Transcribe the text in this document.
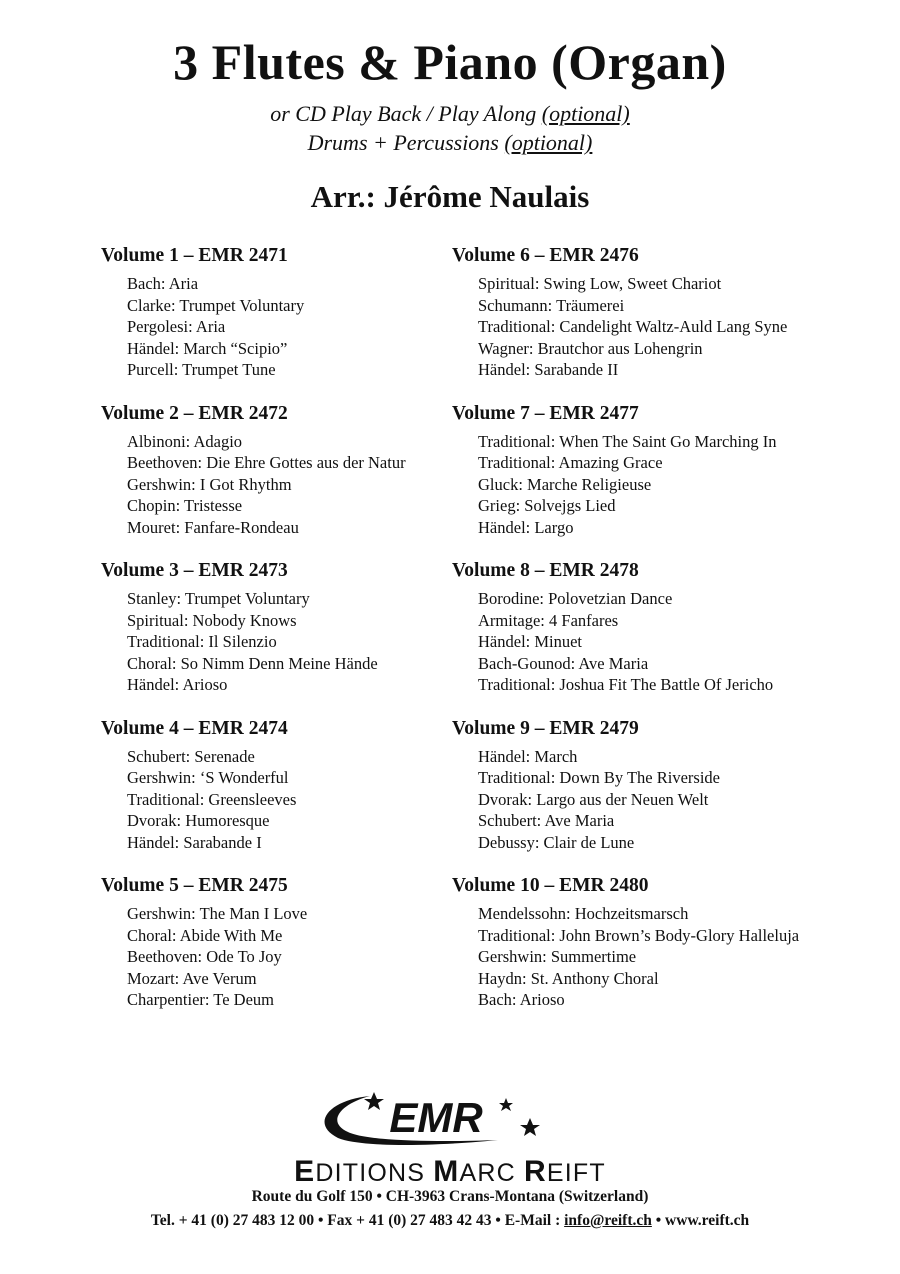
3 Flutes & Piano (Organ)
or CD Play Back / Play Along (optional)
Drums + Percussions (optional)
Arr.: Jérôme Naulais
Volume 1 – EMR 2471
Bach: Aria
Clarke: Trumpet Voluntary
Pergolesi: Aria
Händel: March “Scipio”
Purcell: Trumpet Tune
Volume 2 – EMR 2472
Albinoni: Adagio
Beethoven: Die Ehre Gottes aus der Natur
Gershwin: I Got Rhythm
Chopin: Tristesse
Mouret: Fanfare-Rondeau
Volume 3 – EMR 2473
Stanley: Trumpet Voluntary
Spiritual: Nobody Knows
Traditional: Il Silenzio
Choral: So Nimm Denn Meine Hände
Händel: Arioso
Volume 4 – EMR 2474
Schubert: Serenade
Gershwin: ‘S Wonderful
Traditional: Greensleeves
Dvorak: Humoresque
Händel: Sarabande I
Volume 5 – EMR 2475
Gershwin: The Man I Love
Choral: Abide With Me
Beethoven: Ode To Joy
Mozart: Ave Verum
Charpentier: Te Deum
Volume 6 – EMR 2476
Spiritual: Swing Low, Sweet Chariot
Schumann: Träumerei
Traditional: Candelight Waltz-Auld Lang Syne
Wagner: Brautchor aus Lohengrin
Händel: Sarabande II
Volume 7 – EMR 2477
Traditional: When The Saint Go Marching In
Traditional: Amazing Grace
Gluck: Marche Religieuse
Grieg: Solvejgs Lied
Händel: Largo
Volume 8 – EMR 2478
Borodine: Polovetzian Dance
Armitage: 4 Fanfares
Händel: Minuet
Bach-Gounod: Ave Maria
Traditional: Joshua Fit The Battle Of Jericho
Volume 9 – EMR 2479
Händel: March
Traditional: Down By The Riverside
Dvorak: Largo aus der Neuen Welt
Schubert: Ave Maria
Debussy: Clair de Lune
Volume 10 – EMR 2480
Mendelssohn: Hochzeitsmarsch
Traditional: John Brown’s Body-Glory Halleluja
Gershwin: Summertime
Haydn: St. Anthony Choral
Bach: Arioso
EMR
EDITIONS MARC REIFT
Route du Golf 150 • CH-3963 Crans-Montana (Switzerland)
Tel. + 41 (0) 27 483 12 00 • Fax + 41 (0) 27 483 42 43 • E-Mail : info@reift.ch • www.reift.ch
